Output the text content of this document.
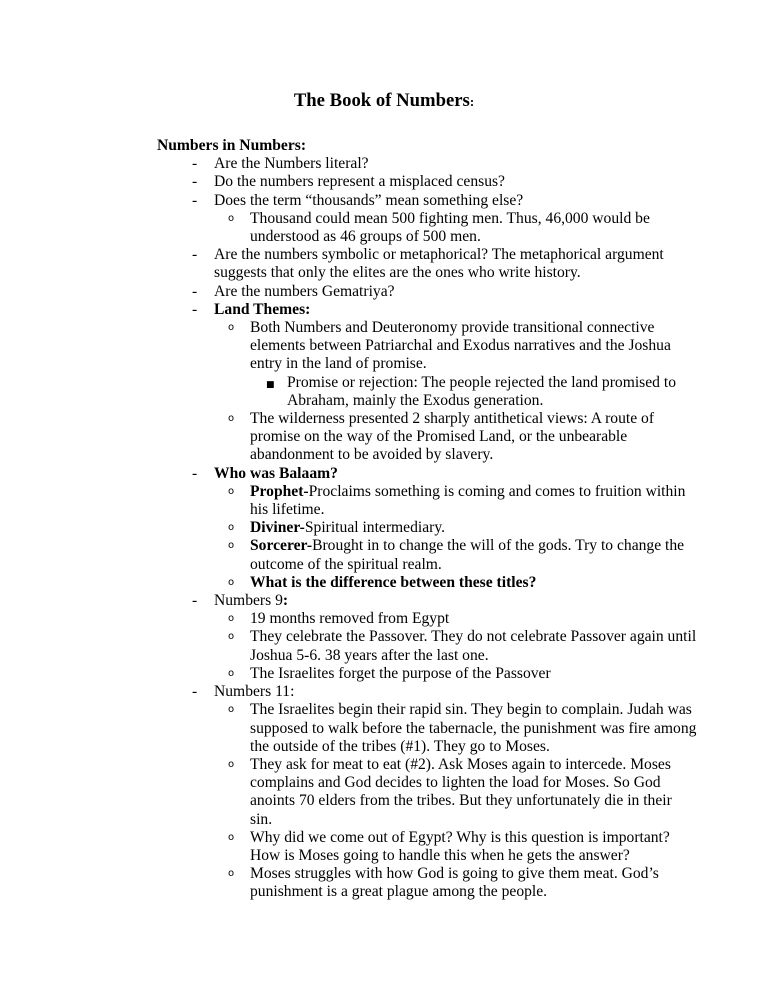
The Book of Numbers:

Numbers in Numbers:

- Are the Numbers literal?
- Do the numbers represent a misplaced census?
- Does the term “thousands” mean something else?
o Thousand could mean 500 fighting men. Thus, 46,000 would be understood as 46 groups of 500 men.
- Are the numbers symbolic or metaphorical? The metaphorical argument suggests that only the elites are the ones who write history.
- Are the numbers Gematriya?
- Land Themes:
o Both Numbers and Deuteronomy provide transitional connective elements between Patriarchal and Exodus narratives and the Joshua entry in the land of promise.
■ Promise or rejection: The people rejected the land promised to Abraham, mainly the Exodus generation.
o The wilderness presented 2 sharply antithetical views: A route of promise on the way of the Promised Land, or the unbearable abandonment to be avoided by slavery.
- Who was Balaam?
o Prophet-Proclaims something is coming and comes to fruition within his lifetime.
o Diviner-Spiritual intermediary.
o Sorcerer-Brought in to change the will of the gods. Try to change the outcome of the spiritual realm.
o What is the difference between these titles?
- Numbers 9:
o 19 months removed from Egypt
o They celebrate the Passover. They do not celebrate Passover again until Joshua 5-6. 38 years after the last one.
o The Israelites forget the purpose of the Passover
- Numbers 11:
o The Israelites begin their rapid sin. They begin to complain. Judah was supposed to walk before the tabernacle, the punishment was fire among the outside of the tribes (#1). They go to Moses.
o They ask for meat to eat (#2). Ask Moses again to intercede. Moses complains and God decides to lighten the load for Moses. So God anoints 70 elders from the tribes. But they unfortunately die in their sin.
o Why did we come out of Egypt? Why is this question is important? How is Moses going to handle this when he gets the answer?
o Moses struggles with how God is going to give them meat. God’s punishment is a great plague among the people.
